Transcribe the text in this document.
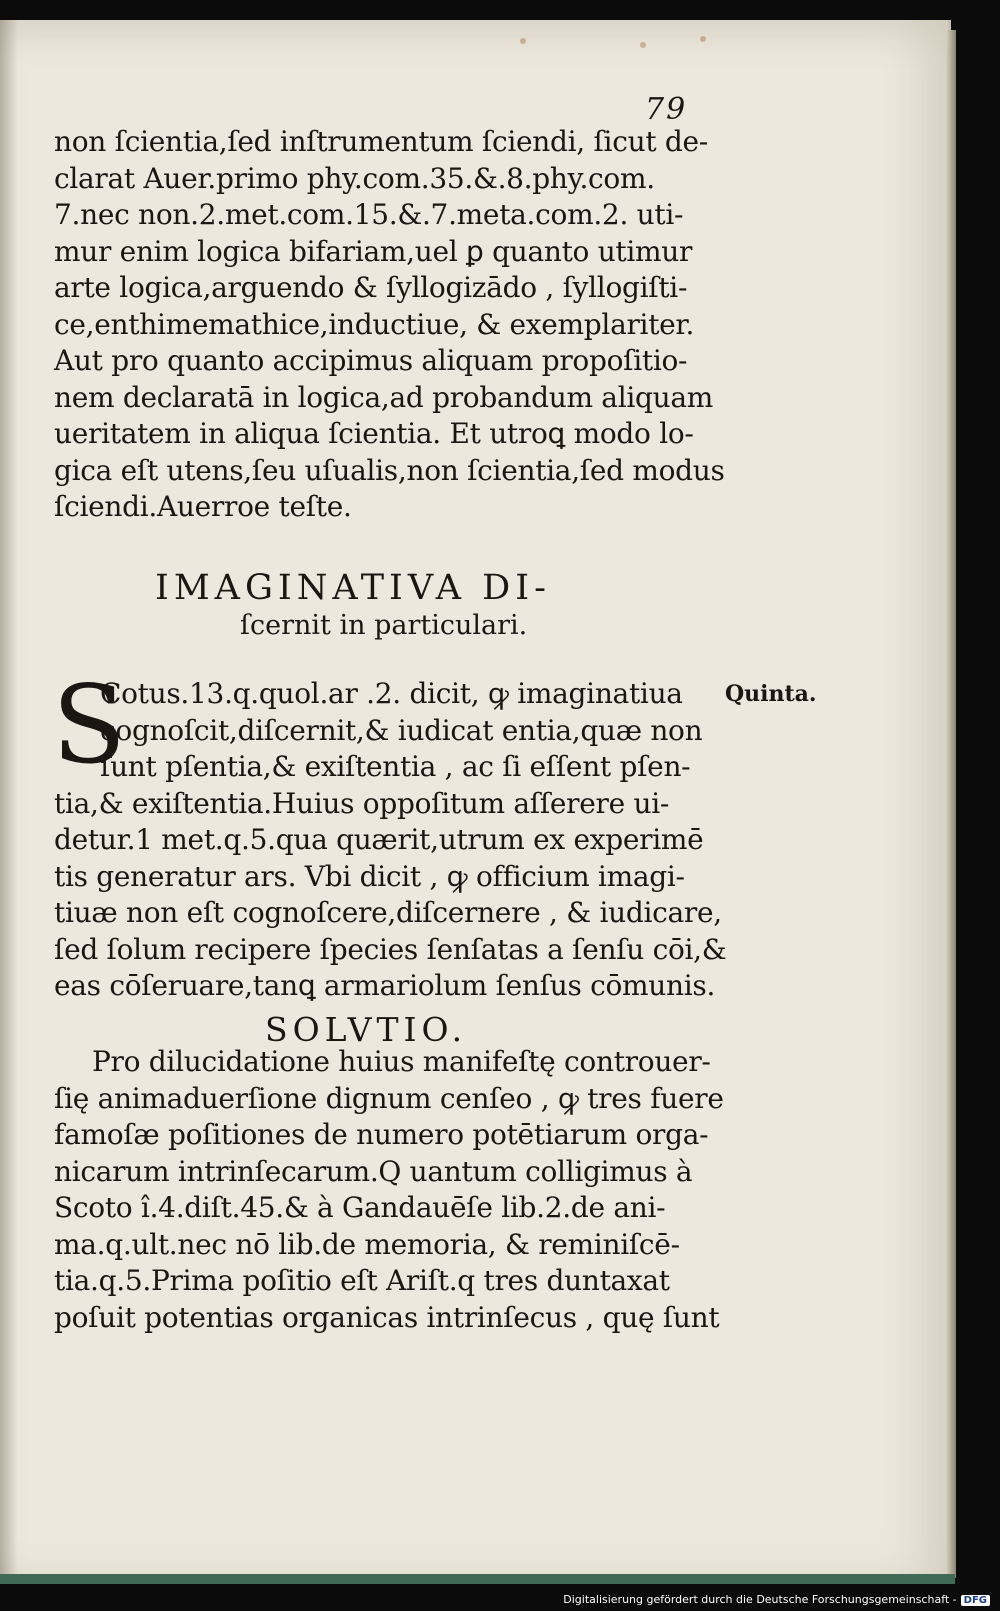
79
non ſcientia,ſed inſtrumentum ſciendi, ſicut de-
clarat Auer.primo phy.com.35.&.8.phy.com.
7.nec non.2.met.com.15.&.7.meta.com.2. uti-
mur enim logica bifariam,uel ꝑ quanto utimur
arte logica,arguendo & ſyllogizādo , ſyllogiſti-
ce,enthimemathice,inductiue, & exemplariter.
Aut pro quanto accipimus aliquam propoſitio-
nem declaratā in logica,ad probandum aliquam
ueritatem in aliqua ſcientia. Et utroꝗ modo lo-
gica eſt utens,ſeu uſualis,non ſcientia,ſed modus
ſciendi.Auerroe teſte.
IMAGINATIVA DI-
ſcernit in particulari.
S	Quinta.
Cotus.13.q.quol.ar .2. dicit, ꝙ imaginatiua
cognoſcit,diſcernit,& iudicat entia,quæ non
ſunt pſentia,& exiſtentia , ac ſi eſſent pſen-
tia,& exiſtentia.Huius oppoſitum aſſerere ui-
detur.1 met.q.5.qua quærit,utrum ex experimē
tis generatur ars. Vbi dicit , ꝙ officium imagi-
tiuæ non eſt cognoſcere,diſcernere , & iudicare,
ſed ſolum recipere ſpecies ſenſatas a ſenſu cōi,&
eas cōſeruare,tanꝗ armariolum ſenſus cōmunis.
SOLVTIO.
Pro dilucidatione huius manifeſtę controuer-
ſię animaduerſione dignum cenſeo , ꝙ tres fuere
famoſæ poſitiones de numero potētiarum orga-
nicarum intrinſecarum.Q uantum colligimus à
Scoto î.4.diſt.45.& à Gandauēſe lib.2.de ani-
ma.q.ult.nec nō lib.de memoria, & reminiſcē-
tia.q.5.Prima poſitio eſt Ariſt.q tres duntaxat
poſuit potentias organicas intrinſecus , quę ſunt
Digitalisierung gefördert durch die Deutsche Forschungsgemeinschaft - DFG
